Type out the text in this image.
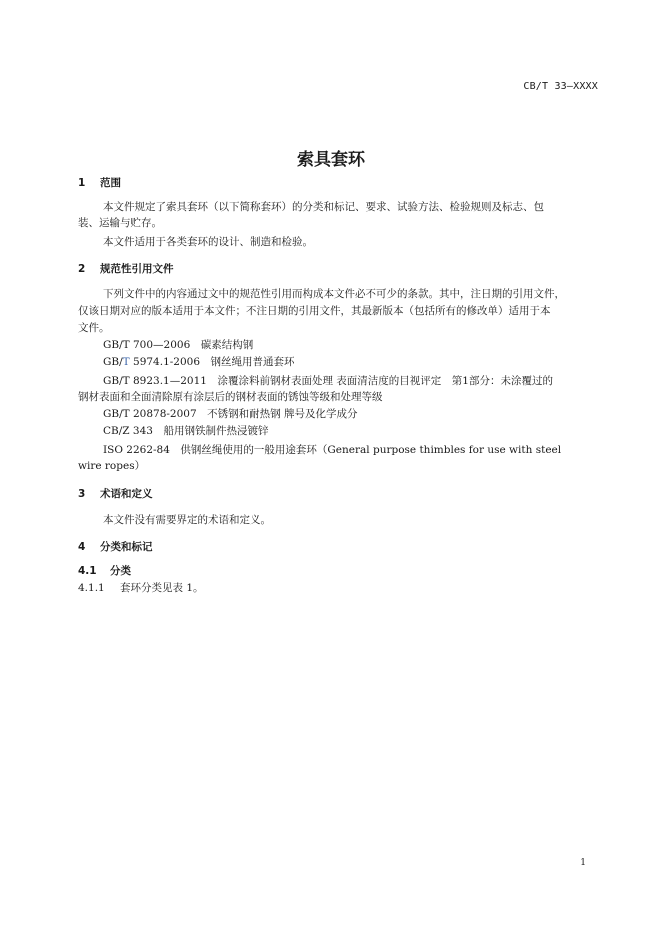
CB/T 33—XXXX
索具套环
1 范围
本文件规定了索具套环（以下简称套环）的分类和标记、要求、试验方法、检验规则及标志、包
装、运输与贮存。
本文件适用于各类套环的设计、制造和检验。
2 规范性引用文件
下列文件中的内容通过文中的规范性引用而构成本文件必不可少的条款。其中，注日期的引用文件，
仅该日期对应的版本适用于本文件；不注日期的引用文件，其最新版本（包括所有的修改单）适用于本
文件。
GB/T 700—2006　 碳素结构钢
GB/T 5974.1-2006　 钢丝绳用普通套环
GB/T 8923.1—2011　 涂覆涂料前钢材表面处理 表面清洁度的目视评定　第1部分：未涂覆过的
钢材表面和全面清除原有涂层后的钢材表面的锈蚀等级和处理等级
GB/T 20878-2007　 不锈钢和耐热钢 牌号及化学成分
CB/Z 343　 船用钢铁制件热浸镀锌
ISO 2262-84　 供钢丝绳使用的一般用途套环（General purpose thimbles for use with steel
wire ropes）
3 术语和定义
本文件没有需要界定的术语和定义。
4 分类和标记
4.1 分类
4.1.1 套环分类见表 1。
1
